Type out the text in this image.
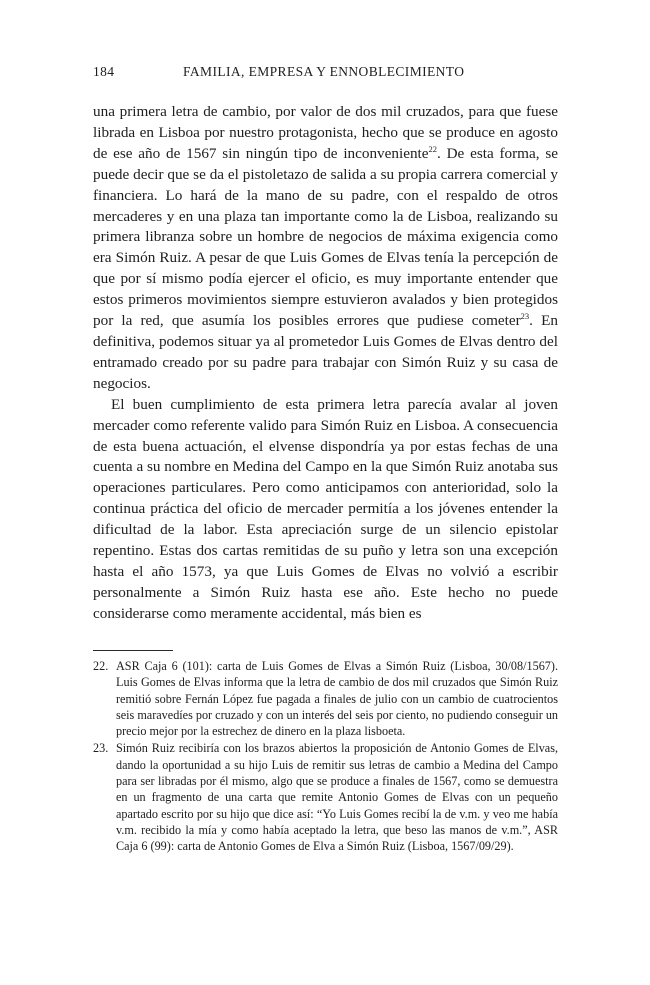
184	FAMILIA, EMPRESA Y ENNOBLECIMIENTO

una primera letra de cambio, por valor de dos mil cruzados, para que fuese librada en Lisboa por nuestro protagonista, hecho que se produce en agosto de ese año de 1567 sin ningún tipo de inconveniente$^{22}$. De esta forma, se puede decir que se da el pistoletazo de salida a su propia carrera comercial y financiera. Lo hará de la mano de su padre, con el respaldo de otros mercaderes y en una plaza tan importante como la de Lisboa, realizando su primera libranza sobre un hombre de negocios de máxima exigencia como era Simón Ruiz. A pesar de que Luis Gomes de Elvas tenía la percepción de que por sí mismo podía ejercer el oficio, es muy importante entender que estos primeros movimientos siempre estuvieron avalados y bien protegidos por la red, que asumía los posibles errores que pudiese cometer$^{23}$. En definitiva, podemos situar ya al prometedor Luis Gomes de Elvas dentro del entramado creado por su padre para trabajar con Simón Ruiz y su casa de negocios.

El buen cumplimiento de esta primera letra parecía avalar al joven mercader como referente valido para Simón Ruiz en Lisboa. A consecuencia de esta buena actuación, el elvense dispondría ya por estas fechas de una cuenta a su nombre en Medina del Campo en la que Simón Ruiz anotaba sus operaciones particulares. Pero como anticipamos con anterioridad, solo la continua práctica del oficio de mercader permitía a los jóvenes entender la dificultad de la labor. Esta apreciación surge de un silencio epistolar repentino. Estas dos cartas remitidas de su puño y letra son una excepción hasta el año 1573, ya que Luis Gomes de Elvas no volvió a escribir personalmente a Simón Ruiz hasta ese año. Este hecho no puede considerarse como meramente accidental, más bien es

22. ASR Caja 6 (101): carta de Luis Gomes de Elvas a Simón Ruiz (Lisboa, 30/08/1567). Luis Gomes de Elvas informa que la letra de cambio de dos mil cruzados que Simón Ruiz remitió sobre Fernán López fue pagada a finales de julio con un cambio de cuatrocientos seis maravedíes por cruzado y con un interés del seis por ciento, no pudiendo conseguir un precio mejor por la estrechez de dinero en la plaza lisboeta.
23. Simón Ruiz recibiría con los brazos abiertos la proposición de Antonio Gomes de Elvas, dando la oportunidad a su hijo Luis de remitir sus letras de cambio a Medina del Campo para ser libradas por él mismo, algo que se produce a finales de 1567, como se demuestra en un fragmento de una carta que remite Antonio Gomes de Elvas con un pequeño apartado escrito por su hijo que dice así: “Yo Luis Gomes recibí la de v.m. y veo me había v.m. recibido la mía y como había aceptado la letra, que beso las manos de v.m.”, ASR Caja 6 (99): carta de Antonio Gomes de Elva a Simón Ruiz (Lisboa, 1567/09/29).
